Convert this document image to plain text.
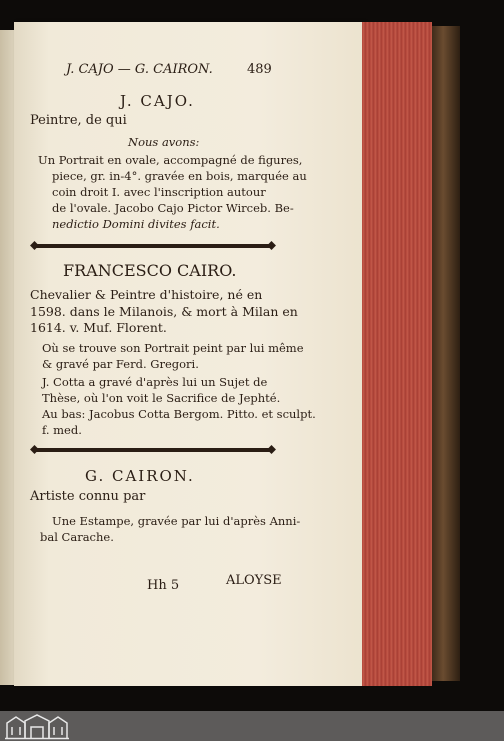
J. CAJO — G. CAIRON.	489
J. CAJO.
Peintre, de qui
Nous avons:
Un Portrait en ovale, accompagné de figures,
piece, gr. in-4°. gravée en bois, marquée au
coin droit I. avec l'inscription autour
de l'ovale. Jacobo Cajo Pictor Wirceb. Be-
nedictio Domini divites facit.
FRANCESCO CAIRO.
Chevalier & Peintre d'histoire, né en
1598. dans le Milanois, & mort à Milan en
1614. v. Muf. Florent.
Où se trouve son Portrait peint par lui même
& gravé par Ferd. Gregori.
J. Cotta a gravé d'après lui un Sujet de
Thèse, où l'on voit le Sacrifice de Jephté.
Au bas: Jacobus Cotta Bergom. Pitto. et sculpt.
f. med.
G. CAIRON.
Artiste connu par
Une Estampe, gravée par lui d'après Anni-
bal Carache.
Hh 5	ALOYSE
